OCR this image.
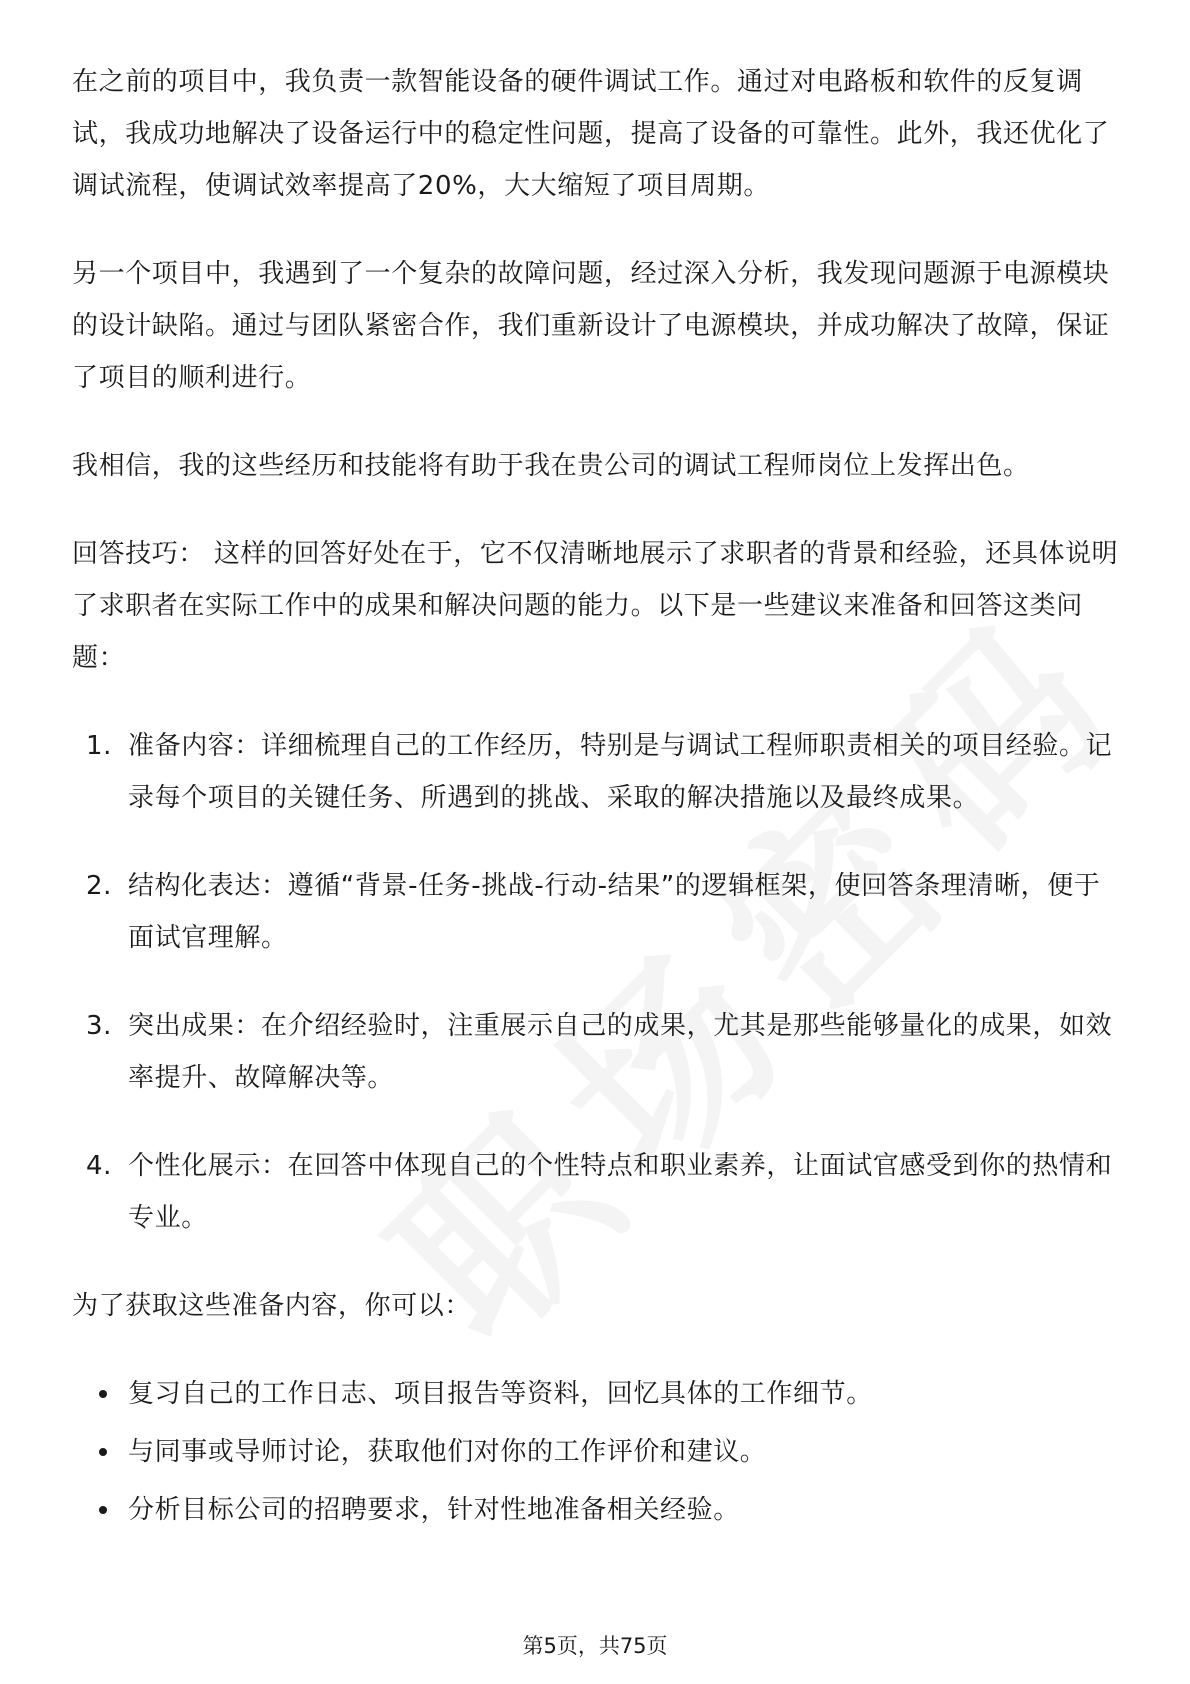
在之前的项目中，我负责一款智能设备的硬件调试工作。通过对电路板和软件的反复调试，我成功地解决了设备运行中的稳定性问题，提高了设备的可靠性。此外，我还优化了调试流程，使调试效率提高了20%，大大缩短了项目周期。

另一个项目中，我遇到了一个复杂的故障问题，经过深入分析，我发现问题源于电源模块的设计缺陷。通过与团队紧密合作，我们重新设计了电源模块，并成功解决了故障，保证了项目的顺利进行。

我相信，我的这些经历和技能将有助于我在贵公司的调试工程师岗位上发挥出色。

回答技巧： 这样的回答好处在于，它不仅清晰地展示了求职者的背景和经验，还具体说明了求职者在实际工作中的成果和解决问题的能力。以下是一些建议来准备和回答这类问题：

1. 准备内容：详细梳理自己的工作经历，特别是与调试工程师职责相关的项目经验。记录每个项目的关键任务、所遇到的挑战、采取的解决措施以及最终成果。
2. 结构化表达：遵循“背景-任务-挑战-行动-结果”的逻辑框架，使回答条理清晰，便于面试官理解。
3. 突出成果：在介绍经验时，注重展示自己的成果，尤其是那些能够量化的成果，如效率提升、故障解决等。
4. 个性化展示：在回答中体现自己的个性特点和职业素养，让面试官感受到你的热情和专业。

为了获取这些准备内容，你可以：

复习自己的工作日志、项目报告等资料，回忆具体的工作细节。
与同事或导师讨论，获取他们对你的工作评价和建议。
分析目标公司的招聘要求，针对性地准备相关经验。
第5页，共75页
